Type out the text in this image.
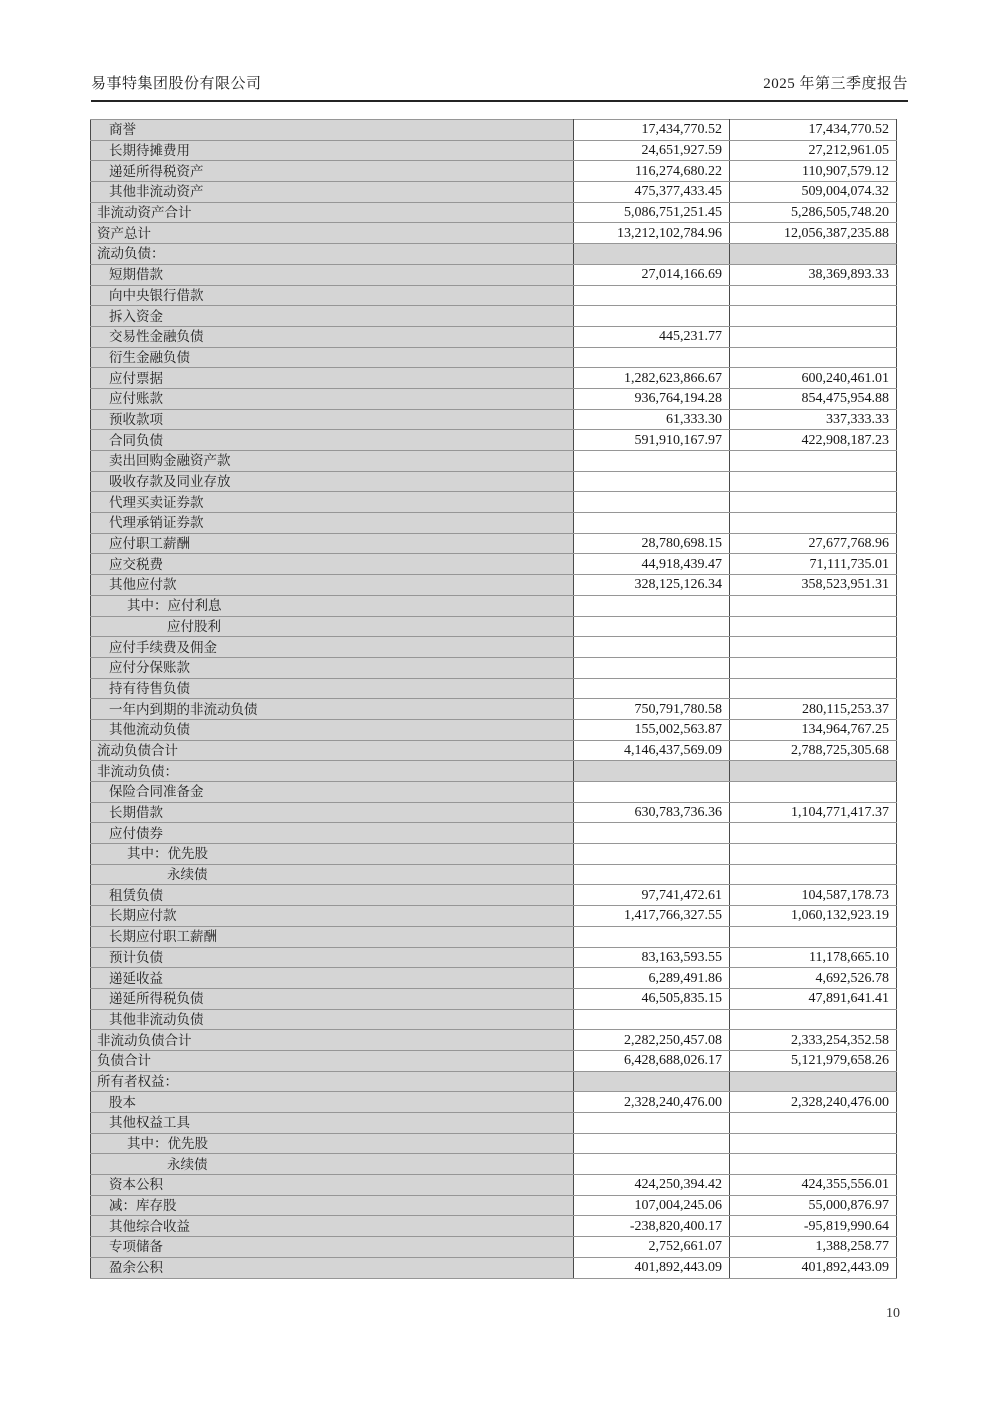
易事特集团股份有限公司	2025 年第三季度报告
商誉	17,434,770.52	17,434,770.52
长期待摊费用	24,651,927.59	27,212,961.05
递延所得税资产	116,274,680.22	110,907,579.12
其他非流动资产	475,377,433.45	509,004,074.32
非流动资产合计	5,086,751,251.45	5,286,505,748.20
资产总计	13,212,102,784.96	12,056,387,235.88
流动负债：		
短期借款	27,014,166.69	38,369,893.33
向中央银行借款		
拆入资金		
交易性金融负债	445,231.77	
衍生金融负债		
应付票据	1,282,623,866.67	600,240,461.01
应付账款	936,764,194.28	854,475,954.88
预收款项	61,333.30	337,333.33
合同负债	591,910,167.97	422,908,187.23
卖出回购金融资产款		
吸收存款及同业存放		
代理买卖证券款		
代理承销证券款		
应付职工薪酬	28,780,698.15	27,677,768.96
应交税费	44,918,439.47	71,111,735.01
其他应付款	328,125,126.34	358,523,951.31
其中：应付利息		
应付股利		
应付手续费及佣金		
应付分保账款		
持有待售负债		
一年内到期的非流动负债	750,791,780.58	280,115,253.37
其他流动负债	155,002,563.87	134,964,767.25
流动负债合计	4,146,437,569.09	2,788,725,305.68
非流动负债：		
保险合同准备金		
长期借款	630,783,736.36	1,104,771,417.37
应付债券		
其中：优先股		
永续债		
租赁负债	97,741,472.61	104,587,178.73
长期应付款	1,417,766,327.55	1,060,132,923.19
长期应付职工薪酬		
预计负债	83,163,593.55	11,178,665.10
递延收益	6,289,491.86	4,692,526.78
递延所得税负债	46,505,835.15	47,891,641.41
其他非流动负债		
非流动负债合计	2,282,250,457.08	2,333,254,352.58
负债合计	6,428,688,026.17	5,121,979,658.26
所有者权益：		
股本	2,328,240,476.00	2,328,240,476.00
其他权益工具		
其中：优先股		
永续债		
资本公积	424,250,394.42	424,355,556.01
减：库存股	107,004,245.06	55,000,876.97
其他综合收益	-238,820,400.17	-95,819,990.64
专项储备	2,752,661.07	1,388,258.77
盈余公积	401,892,443.09	401,892,443.09
10
